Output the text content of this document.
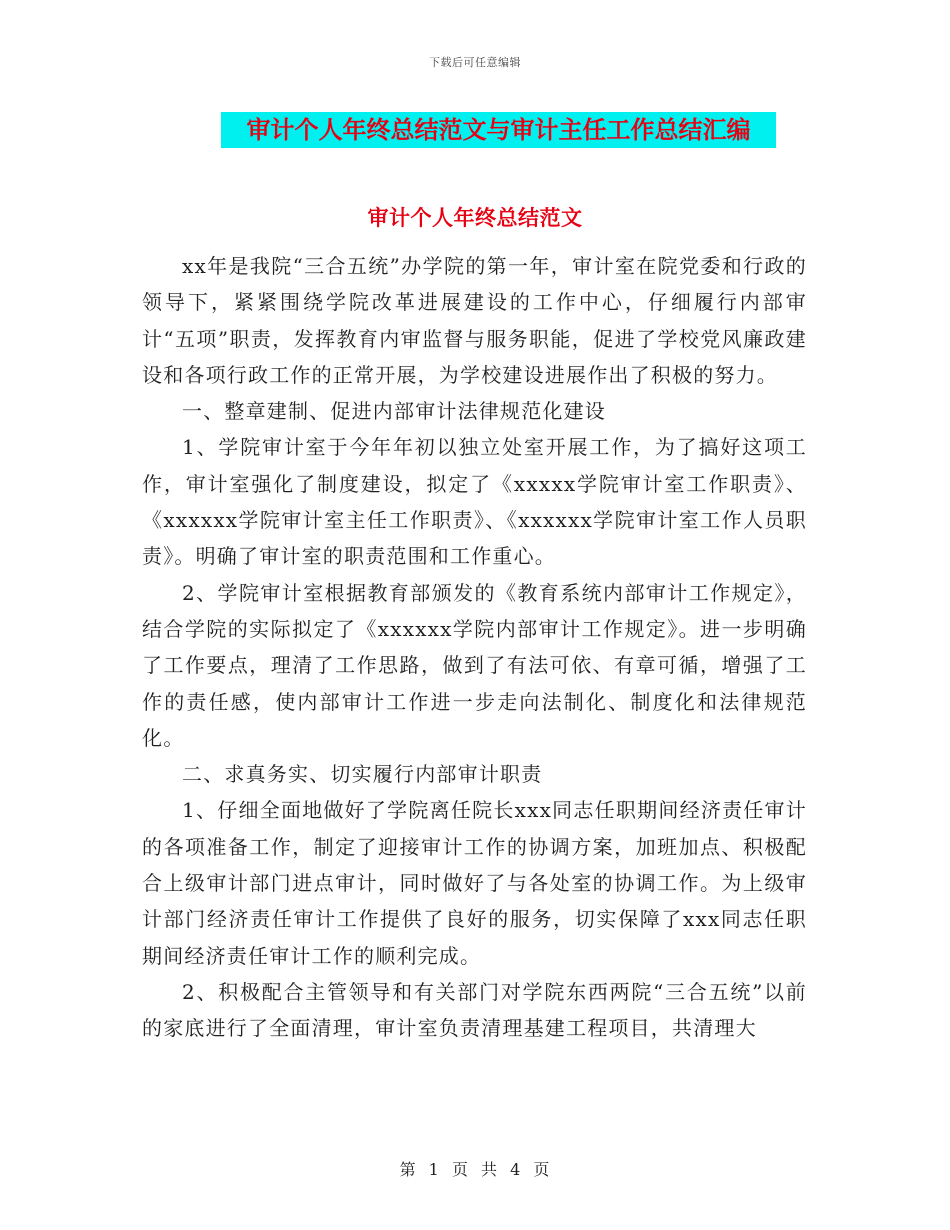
下载后可任意编辑
审计个人年终总结范文与审计主任工作总结汇编
审计个人年终总结范文

xx年是我院“三合五统”办学院的第一年，审计室在院党委和行政的领导下，紧紧围绕学院改革进展建设的工作中心，仔细履行内部审计“五项”职责，发挥教育内审监督与服务职能，促进了学校党风廉政建设和各项行政工作的正常开展，为学校建设进展作出了积极的努力。

一、整章建制、促进内部审计法律规范化建设

1、学院审计室于今年年初以独立处室开展工作，为了搞好这项工作，审计室强化了制度建设，拟定了《xxxxx学院审计室工作职责》、《xxxxxx学院审计室主任工作职责》、《xxxxxx学院审计室工作人员职责》。明确了审计室的职责范围和工作重心。

2、学院审计室根据教育部颁发的《教育系统内部审计工作规定》，结合学院的实际拟定了《xxxxxx学院内部审计工作规定》。进一步明确了工作要点，理清了工作思路，做到了有法可依、有章可循，增强了工作的责任感，使内部审计工作进一步走向法制化、制度化和法律规范化。

二、求真务实、切实履行内部审计职责

1、仔细全面地做好了学院离任院长xxx同志任职期间经济责任审计的各项准备工作，制定了迎接审计工作的协调方案，加班加点、积极配合上级审计部门进点审计，同时做好了与各处室的协调工作。为上级审计部门经济责任审计工作提供了良好的服务，切实保障了xxx同志任职期间经济责任审计工作的顺利完成。

2、积极配合主管领导和有关部门对学院东西两院“三合五统”以前的家底进行了全面清理，审计室负责清理基建工程项目，共清理大

第 1 页 共 4 页
